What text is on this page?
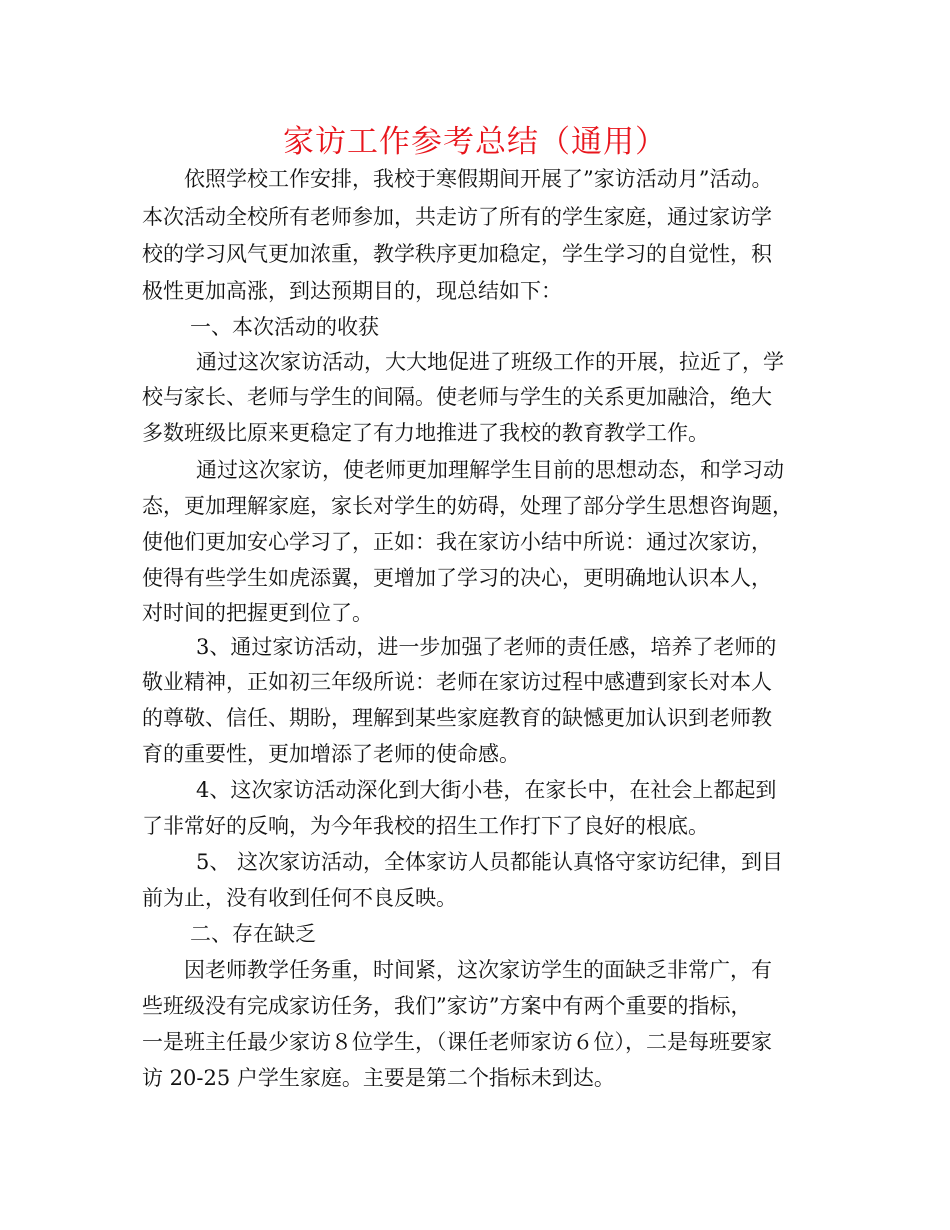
家访工作参考总结（通用）
依照学校工作安排，我校于寒假期间开展了”家访活动月”活动。
本次活动全校所有老师参加，共走访了所有的学生家庭，通过家访学
校的学习风气更加浓重，教学秩序更加稳定，学生学习的自觉性，积
极性更加高涨，到达预期目的，现总结如下：
一、本次活动的收获
通过这次家访活动，大大地促进了班级工作的开展，拉近了，学
校与家长、老师与学生的间隔。使老师与学生的关系更加融洽，绝大
多数班级比原来更稳定了有力地推进了我校的教育教学工作。
通过这次家访，使老师更加理解学生目前的思想动态，和学习动
态，更加理解家庭，家长对学生的妨碍，处理了部分学生思想咨询题，
使他们更加安心学习了，正如：我在家访小结中所说：通过次家访，
使得有些学生如虎添翼，更增加了学习的决心，更明确地认识本人，
对时间的把握更到位了。
3、通过家访活动，进一步加强了老师的责任感，培养了老师的
敬业精神，正如初三年级所说：老师在家访过程中感遭到家长对本人
的尊敬、信任、期盼，理解到某些家庭教育的缺憾更加认识到老师教
育的重要性，更加增添了老师的使命感。
4、这次家访活动深化到大街小巷，在家长中，在社会上都起到
了非常好的反响，为今年我校的招生工作打下了良好的根底。
5、 这次家访活动，全体家访人员都能认真恪守家访纪律，到目
前为止，没有收到任何不良反映。
二、存在缺乏
因老师教学任务重，时间紧，这次家访学生的面缺乏非常广，有
些班级没有完成家访任务，我们”家访”方案中有两个重要的指标，
一是班主任最少家访８位学生，（课任老师家访６位），二是每班要家
访 20-25 户学生家庭。主要是第二个指标未到达。
